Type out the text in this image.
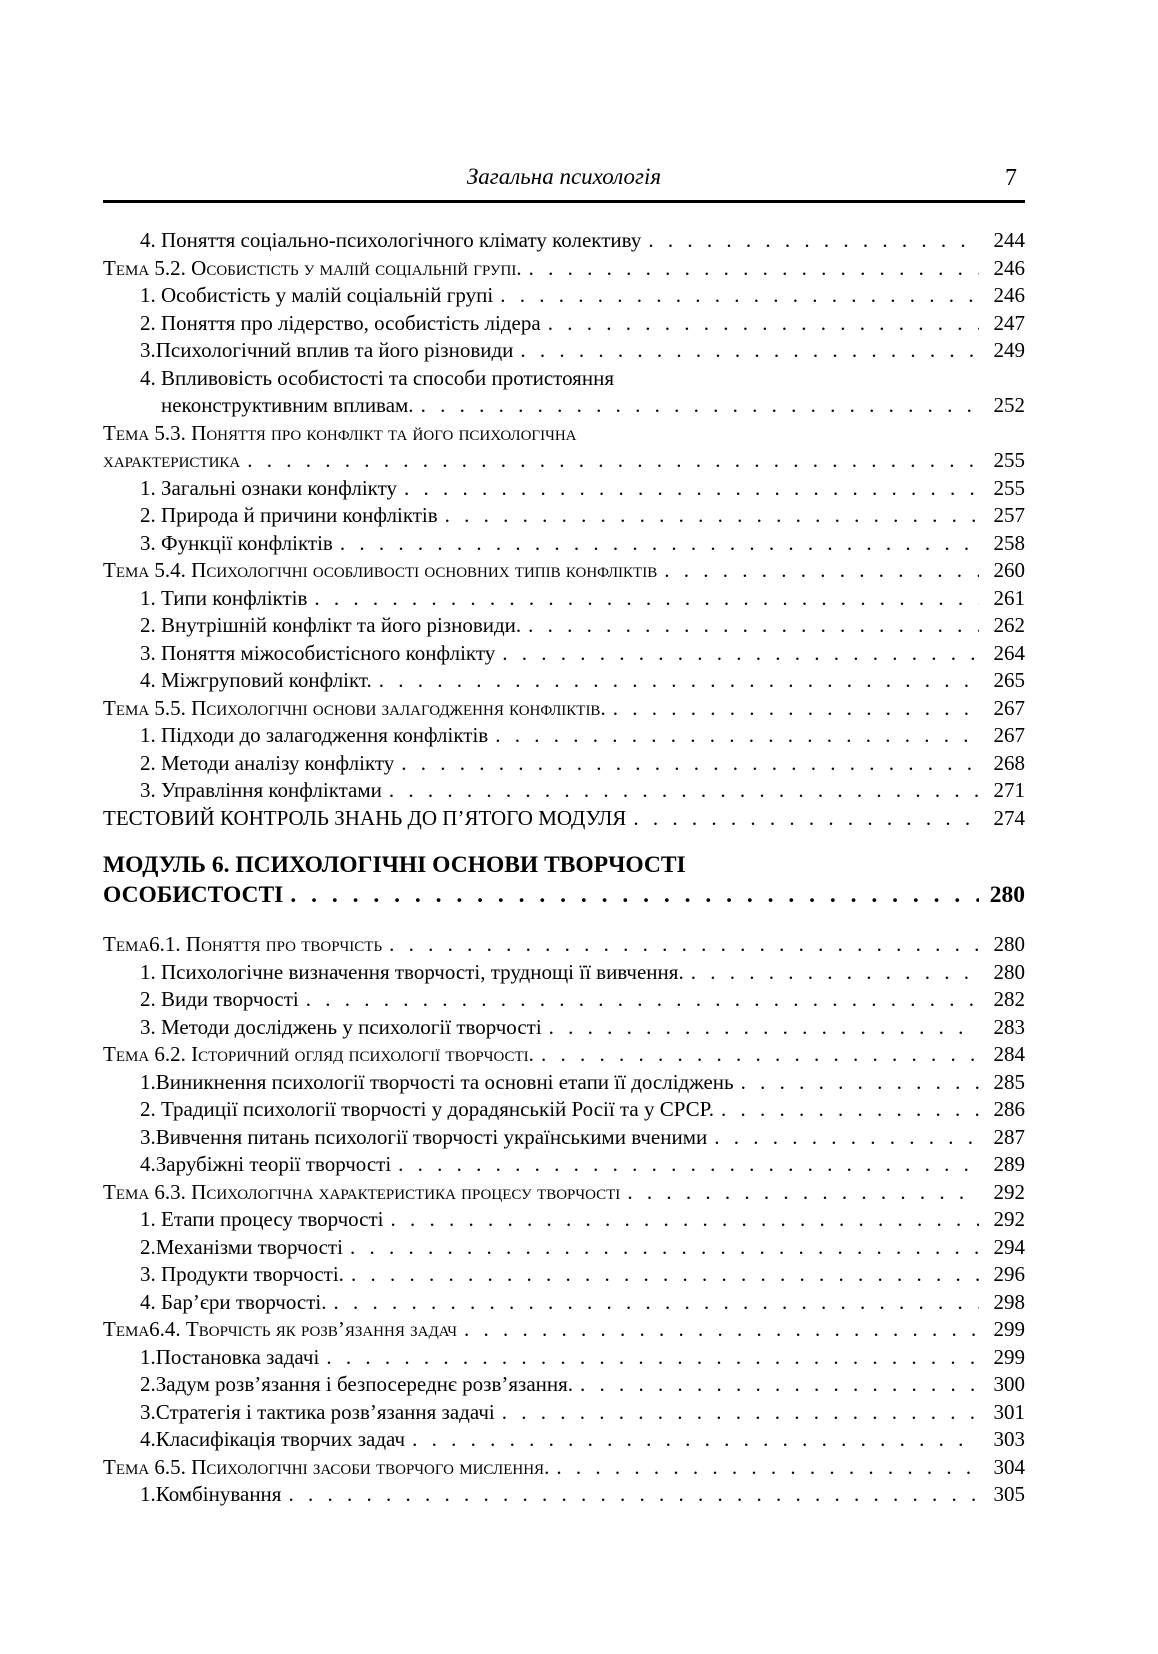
Загальна психологія	7
4. Поняття соціально-психологічного клімату колективу . . .	244
Тема 5.2. Особистість у малій соціальній групі. . . .	246
1. Особистість у малій соціальній групі . . .	246
2. Поняття про лідерство, особистість лідера . . .	247
3.Психологічний вплив та його різновиди . . .	249
4. Впливовість особистості та способи протистояння
неконструктивним впливам. . . .	252
Тема 5.3. Поняття про конфлікт та його психологічна
характеристика . . .	255
1. Загальні ознаки конфлікту . . .	255
2. Природа й причини конфліктів . . .	257
3. Функції конфліктів . . .	258
Тема 5.4. Психологічні особливості основних типів конфліктів . . .	260
1. Типи конфліктів . . .	261
2. Внутрішній конфлікт та його різновиди. . . .	262
3. Поняття міжособистісного конфлікту . . .	264
4. Міжгруповий конфлікт. . . .	265
Тема 5.5. Психологічні основи залагодження конфліктів. . . .	267
1. Підходи до залагодження конфліктів . . .	267
2. Методи аналізу конфлікту . . .	268
3. Управління конфліктами . . .	271
ТЕСТОВИЙ КОНТРОЛЬ ЗНАНЬ ДО П’ЯТОГО МОДУЛЯ . . .	274
МОДУЛЬ 6. ПСИХОЛОГІЧНІ ОСНОВИ ТВОРЧОСТІ
ОСОБИСТОСТІ . . .	280
Тема6.1. Поняття про творчість . . .	280
1. Психологічне визначення творчості, труднощі її вивчення. . . .	280
2. Види творчості . . .	282
3. Методи досліджень у психології творчості . . .	283
Тема 6.2. Історичний огляд психології творчості. . . .	284
1.Виникнення психології творчості та основні етапи її досліджень . . .	285
2. Традиції психології творчості у дорадянській Росії та у СРСР. . . .	286
3.Вивчення питань психології творчості українськими вченими . . .	287
4.Зарубіжні теорії творчості . . .	289
Тема 6.3. Психологічна характеристика процесу творчості . . .	292
1. Етапи процесу творчості . . .	292
2.Механізми творчості . . .	294
3. Продукти творчості. . . .	296
4. Бар’єри творчості. . . .	298
Тема6.4. Творчість як розв’язання задач . . .	299
1.Постановка задачі . . .	299
2.Задум розв’язання і безпосереднє розв’язання. . . .	300
3.Стратегія і тактика розв’язання задачі . . .	301
4.Класифікація творчих задач . . .	303
Тема 6.5. Психологічні засоби творчого мислення. . . .	304
1.Комбінування . . .	305
